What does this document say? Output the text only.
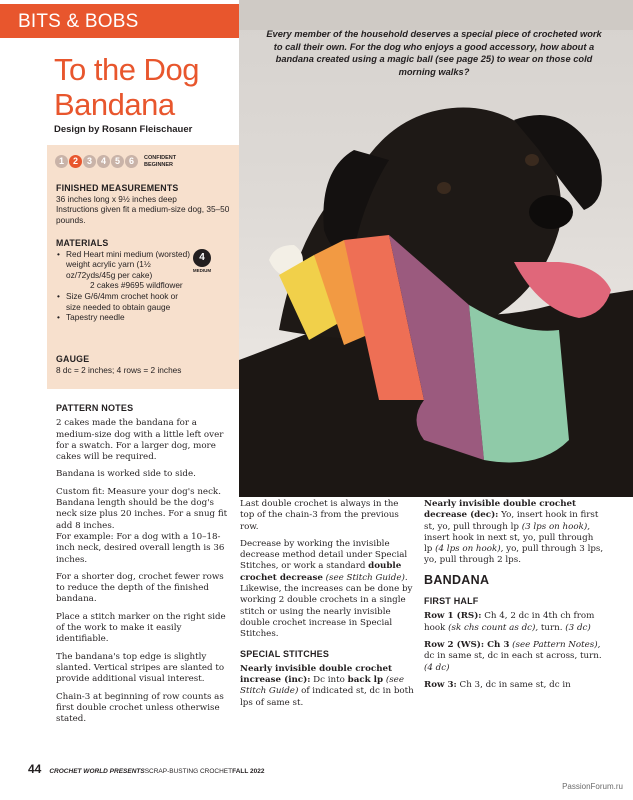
BITS & BOBS
To the Dog Bandana
Design by Rosann Fleischauer
1 2 3 4 5 6	CONFIDENT
BEGINNER
FINISHED MEASUREMENTS
36 inches long x 9½ inches deep
Instructions given fit a medium-size dog, 35–50 pounds.
MATERIALS
• Red Heart mini medium (worsted) weight acrylic yarn (1½ oz/72yds/45g per cake)
2 cakes #9695 wildflower
• Size G/6/4mm crochet hook or size needed to obtain gauge
• Tapestry needle
4
MEDIUM
GAUGE
8 dc = 2 inches; 4 rows = 2 inches
Every member of the household deserves a special piece of crocheted work to call their own. For the dog who enjoys a good accessory, how about a bandana created using a magic ball (see page 25) to wear on those cold morning walks?
PATTERN NOTES

2 cakes made the bandana for a medium-size dog with a little left over for a swatch. For a larger dog, more cakes will be required.

Bandana is worked side to side.

Custom fit: Measure your dog's neck. Bandana length should be the dog's neck size plus 20 inches. For a snug fit add 8 inches.
For example: For a dog with a 10–18-inch neck, desired overall length is 36 inches.

For a shorter dog, crochet fewer rows to reduce the depth of the finished bandana.

Place a stitch marker on the right side of the work to make it easily identifiable.

The bandana's top edge is slightly slanted. Vertical stripes are slanted to provide additional visual interest.

Chain-3 at beginning of row counts as first double crochet unless otherwise stated.

Last double crochet is always in the top of the chain-3 from the previous row.

Decrease by working the invisible decrease method detail under Special Stitches, or work a standard double crochet decrease (see Stitch Guide). Likewise, the increases can be done by working 2 double crochets in a single stitch or using the nearly invisible double crochet increase in Special Stitches.

SPECIAL STITCHES

Nearly invisible double crochet increase (inc): Dc into back lp (see Stitch Guide) of indicated st, dc in both lps of same st.

Nearly invisible double crochet decrease (dec): Yo, insert hook in first st, yo, pull through lp (3 lps on hook), insert hook in next st, yo, pull through lp (4 lps on hook), yo, pull through 3 lps, yo, pull through 2 lps.

BANDANA
FIRST HALF

Row 1 (RS): Ch 4, 2 dc in 4th ch from hook (sk chs count as dc), turn. (3 dc)

Row 2 (WS): Ch 3 (see Pattern Notes), dc in same st, dc in each st across, turn. (4 dc)

Row 3: Ch 3, dc in same st, dc in

44 CROCHET WORLD PRESENTS SCRAP-BUSTING CROCHET FALL 2022
PassionForum.ru
